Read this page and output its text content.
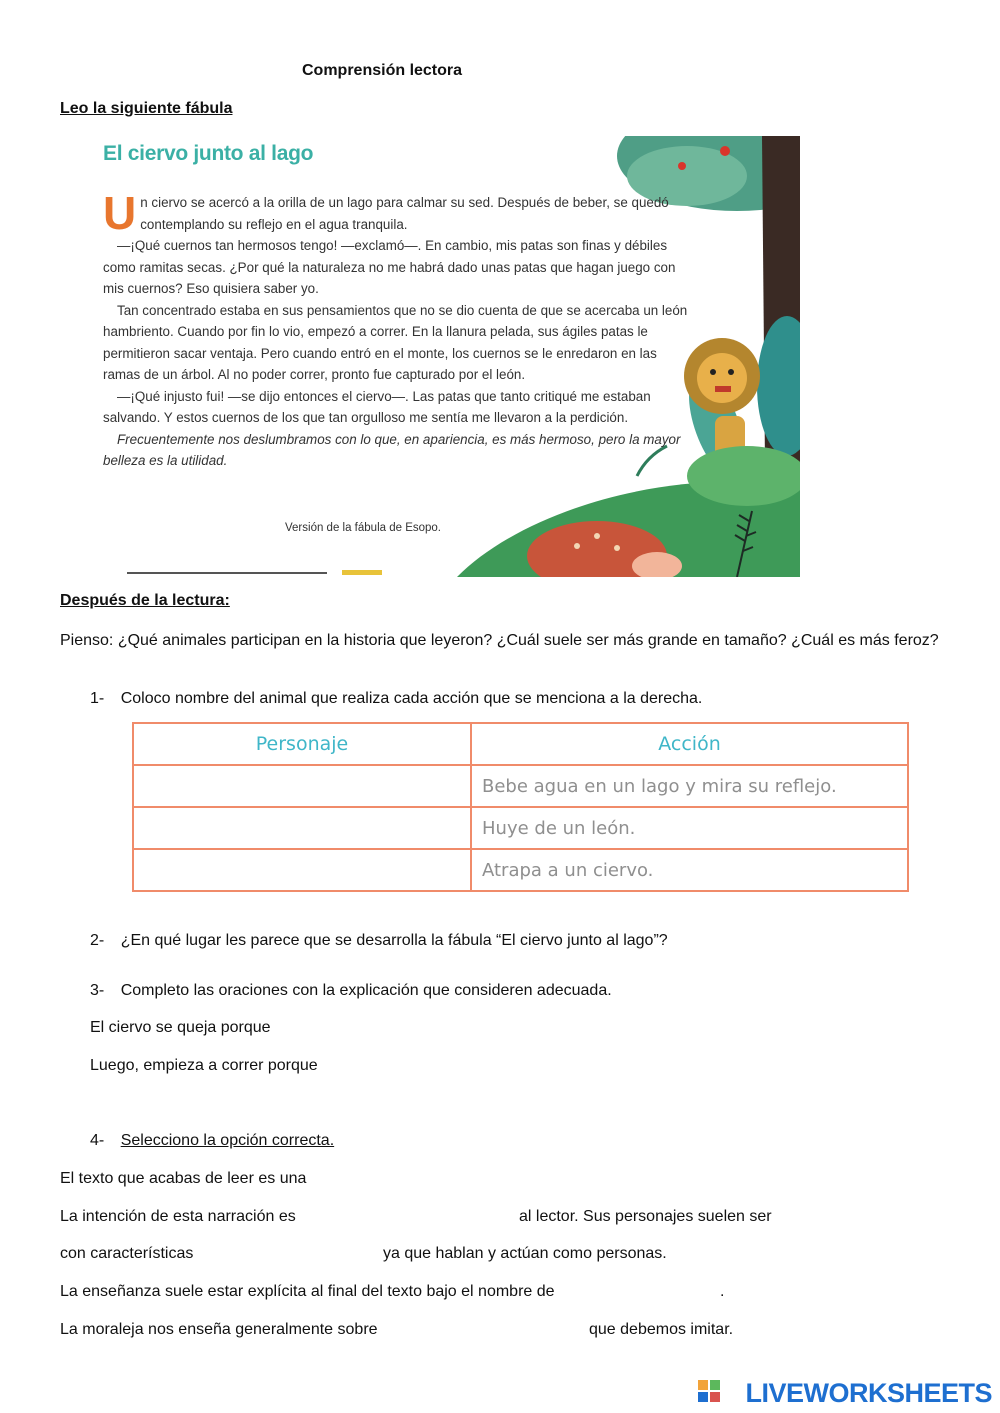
Comprensión lectora
Leo la siguiente fábula
El ciervo junto al lago

Un ciervo se acercó a la orilla de un lago para calmar su sed. Después de beber, se quedó contemplando su reflejo en el agua tranquila.

—¡Qué cuernos tan hermosos tengo! —exclamó—. En cambio, mis patas son finas y débiles como ramitas secas. ¿Por qué la naturaleza no me habrá dado unas patas que hagan juego con mis cuernos? Eso quisiera saber yo.

Tan concentrado estaba en sus pensamientos que no se dio cuenta de que se acercaba un león hambriento. Cuando por fin lo vio, empezó a correr. En la llanura pelada, sus ágiles patas le permitieron sacar ventaja. Pero cuando entró en el monte, los cuernos se le enredaron en las ramas de un árbol. Al no poder correr, pronto fue capturado por el león.

—¡Qué injusto fui! —se dijo entonces el ciervo—. Las patas que tanto critiqué me estaban salvando. Y estos cuernos de los que tan orgulloso me sentía me llevaron a la perdición.

Frecuentemente nos deslumbramos con lo que, en apariencia, es más hermoso, pero la mayor belleza es la utilidad.

Versión de la fábula de Esopo.
Después de la lectura:
Pienso: ¿Qué animales participan en la historia que leyeron? ¿Cuál suele ser más grande en tamaño? ¿Cuál es más feroz?
1- Coloco nombre del animal que realiza cada acción que se menciona a la derecha.
Personaje	Acción
	Bebe agua en un lago y mira su reflejo.
	Huye de un león.
	Atrapa a un ciervo.
2- ¿En qué lugar les parece que se desarrolla la fábula “El ciervo junto al lago”?
3- Completo las oraciones con la explicación que consideren adecuada.
El ciervo se queja porque
Luego, empieza a correr porque
4- Selecciono la opción correcta.
El texto que acabas de leer es una
La intención de esta narración es	al lector. Sus personajes suelen ser
con características	ya que hablan y actúan como personas.
La enseñanza suele estar explícita al final del texto bajo el nombre de	.
La moraleja nos enseña generalmente sobre	que debemos imitar.
LIVEWORKSHEETS
